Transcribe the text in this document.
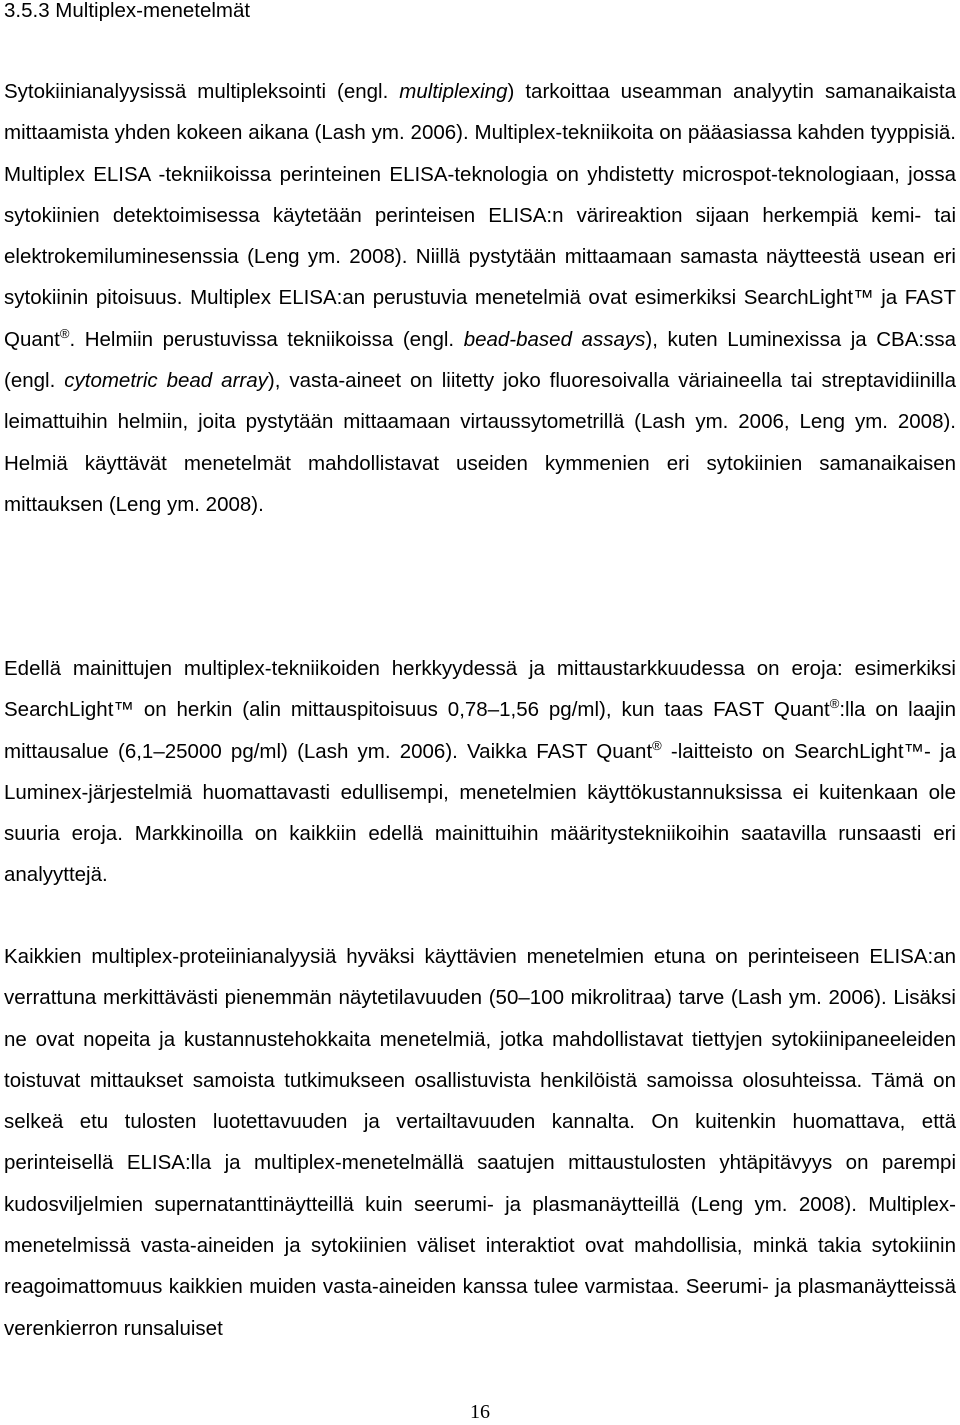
3.5.3 Multiplex-menetelmät

Sytokiinianalyysissä multipleksointi (engl. multiplexing) tarkoittaa useamman analyytin samanaikaista mittaamista yhden kokeen aikana (Lash ym. 2006). Multiplex-tekniikoita on pääasiassa kahden tyyppisiä. Multiplex ELISA -tekniikoissa perinteinen ELISA-teknologia on yhdistetty microspot-teknologiaan, jossa sytokiinien detektoimisessa käytetään perinteisen ELISA:n värireaktion sijaan herkempiä kemi- tai elektrokemiluminesenssia (Leng ym. 2008). Niillä pystytään mittaamaan samasta näytteestä usean eri sytokiinin pitoisuus. Multiplex ELISA:an perustuvia menetelmiä ovat esimerkiksi SearchLight™ ja FAST Quant®. Helmiin perustuvissa tekniikoissa (engl. bead-based assays), kuten Luminexissa ja CBA:ssa (engl. cytometric bead array), vasta-aineet on liitetty joko fluoresoivalla väriaineella tai streptavidiinilla leimattuihin helmiin, joita pystytään mittaamaan virtaussytometrillä (Lash ym. 2006, Leng ym. 2008). Helmiä käyttävät menetelmät mahdollistavat useiden kymmenien eri sytokiinien samanaikaisen mittauksen (Leng ym. 2008).

Edellä mainittujen multiplex-tekniikoiden herkkyydessä ja mittaustarkkuudessa on eroja: esimerkiksi SearchLight™ on herkin (alin mittauspitoisuus 0,78–1,56 pg/ml), kun taas FAST Quant®:lla on laajin mittausalue (6,1–25000 pg/ml) (Lash ym. 2006). Vaikka FAST Quant® -laitteisto on SearchLight™- ja Luminex-järjestelmiä huomattavasti edullisempi, menetelmien käyttökustannuksissa ei kuitenkaan ole suuria eroja. Markkinoilla on kaikkiin edellä mainittuihin määritystekniikoihin saatavilla runsaasti eri analyyttejä.

Kaikkien multiplex-proteiinianalyysiä hyväksi käyttävien menetelmien etuna on perinteiseen ELISA:an verrattuna merkittävästi pienemmän näytetilavuuden (50–100 mikrolitraa) tarve (Lash ym. 2006). Lisäksi ne ovat nopeita ja kustannustehokkaita menetelmiä, jotka mahdollistavat tiettyjen sytokiinipaneeleiden toistuvat mittaukset samoista tutkimukseen osallistuvista henkilöistä samoissa olosuhteissa. Tämä on selkeä etu tulosten luotettavuuden ja vertailtavuuden kannalta. On kuitenkin huomattava, että perinteisellä ELISA:lla ja multiplex-menetelmällä saatujen mittaustulosten yhtäpitävyys on parempi kudosviljelmien supernatanttinäytteillä kuin seerumi- ja plasmanäytteillä (Leng ym. 2008). Multiplex-menetelmissä vasta-aineiden ja sytokiinien väliset interaktiot ovat mahdollisia, minkä takia sytokiinin reagoimattomuus kaikkien muiden vasta-aineiden kanssa tulee varmistaa. Seerumi- ja plasmanäytteissä verenkierron runsaluiset

16
